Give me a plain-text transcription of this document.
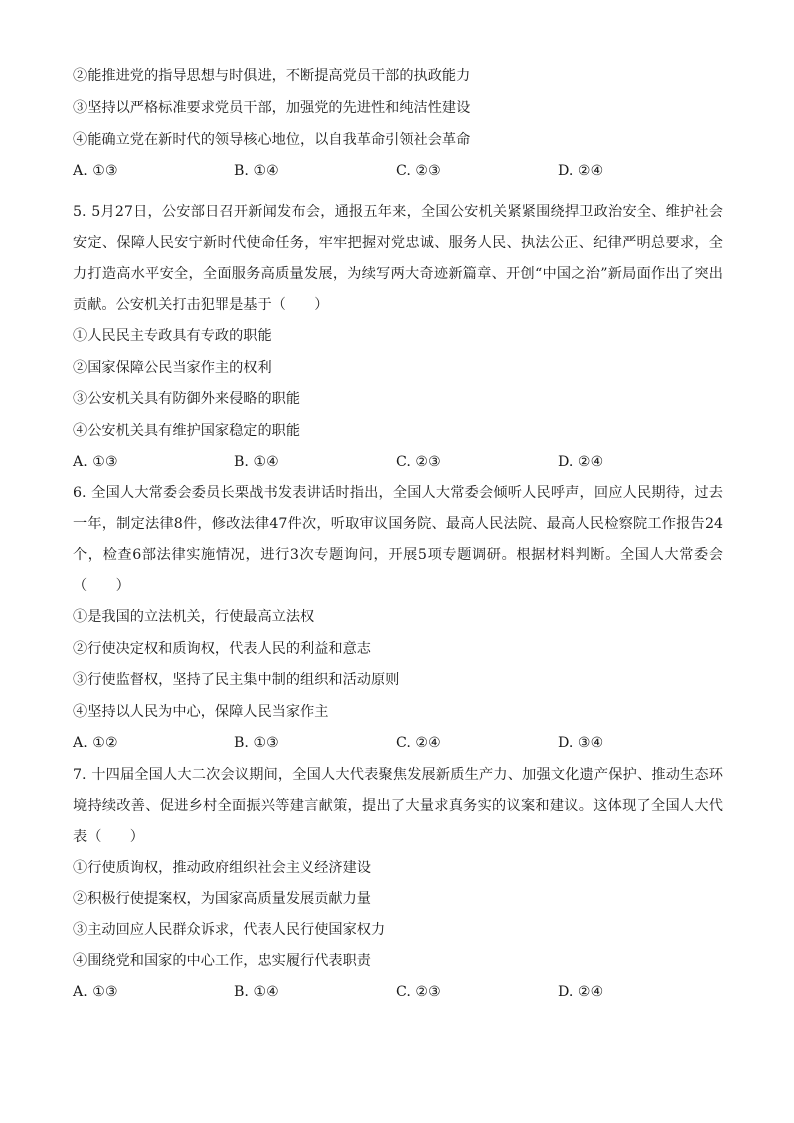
②能推进党的指导思想与时俱进，不断提高党员干部的执政能力
③坚持以严格标准要求党员干部，加强党的先进性和纯洁性建设
④能确立党在新时代的领导核心地位，以自我革命引领社会革命
A. ①③	B. ①④	C. ②③	D. ②④
5. 5月27日，公安部日召开新闻发布会，通报五年来，全国公安机关紧紧围绕捍卫政治安全、维护社会安定、保障人民安宁新时代使命任务，牢牢把握对党忠诚、服务人民、执法公正、纪律严明总要求，全力打造高水平安全，全面服务高质量发展，为续写两大奇迹新篇章、开创“中国之治”新局面作出了突出贡献。公安机关打击犯罪是基于（　　）
①人民民主专政具有专政的职能
②国家保障公民当家作主的权利
③公安机关具有防御外来侵略的职能
④公安机关具有维护国家稳定的职能
A. ①③	B. ①④	C. ②③	D. ②④
6. 全国人大常委会委员长栗战书发表讲话时指出，全国人大常委会倾听人民呼声，回应人民期待，过去一年，制定法律8件，修改法律47件次，听取审议国务院、最高人民法院、最高人民检察院工作报告24个，检查6部法律实施情况，进行3次专题询问，开展5项专题调研。根据材料判断。全国人大常委会（　　）
①是我国的立法机关，行使最高立法权
②行使决定权和质询权，代表人民的利益和意志
③行使监督权，坚持了民主集中制的组织和活动原则
④坚持以人民为中心，保障人民当家作主
A. ①②	B. ①③	C. ②④	D. ③④
7. 十四届全国人大二次会议期间，全国人大代表聚焦发展新质生产力、加强文化遗产保护、推动生态环境持续改善、促进乡村全面振兴等建言献策，提出了大量求真务实的议案和建议。这体现了全国人大代表（　　）
①行使质询权，推动政府组织社会主义经济建设
②积极行使提案权，为国家高质量发展贡献力量
③主动回应人民群众诉求，代表人民行使国家权力
④围绕党和国家的中心工作，忠实履行代表职责
A. ①③	B. ①④	C. ②③	D. ②④
